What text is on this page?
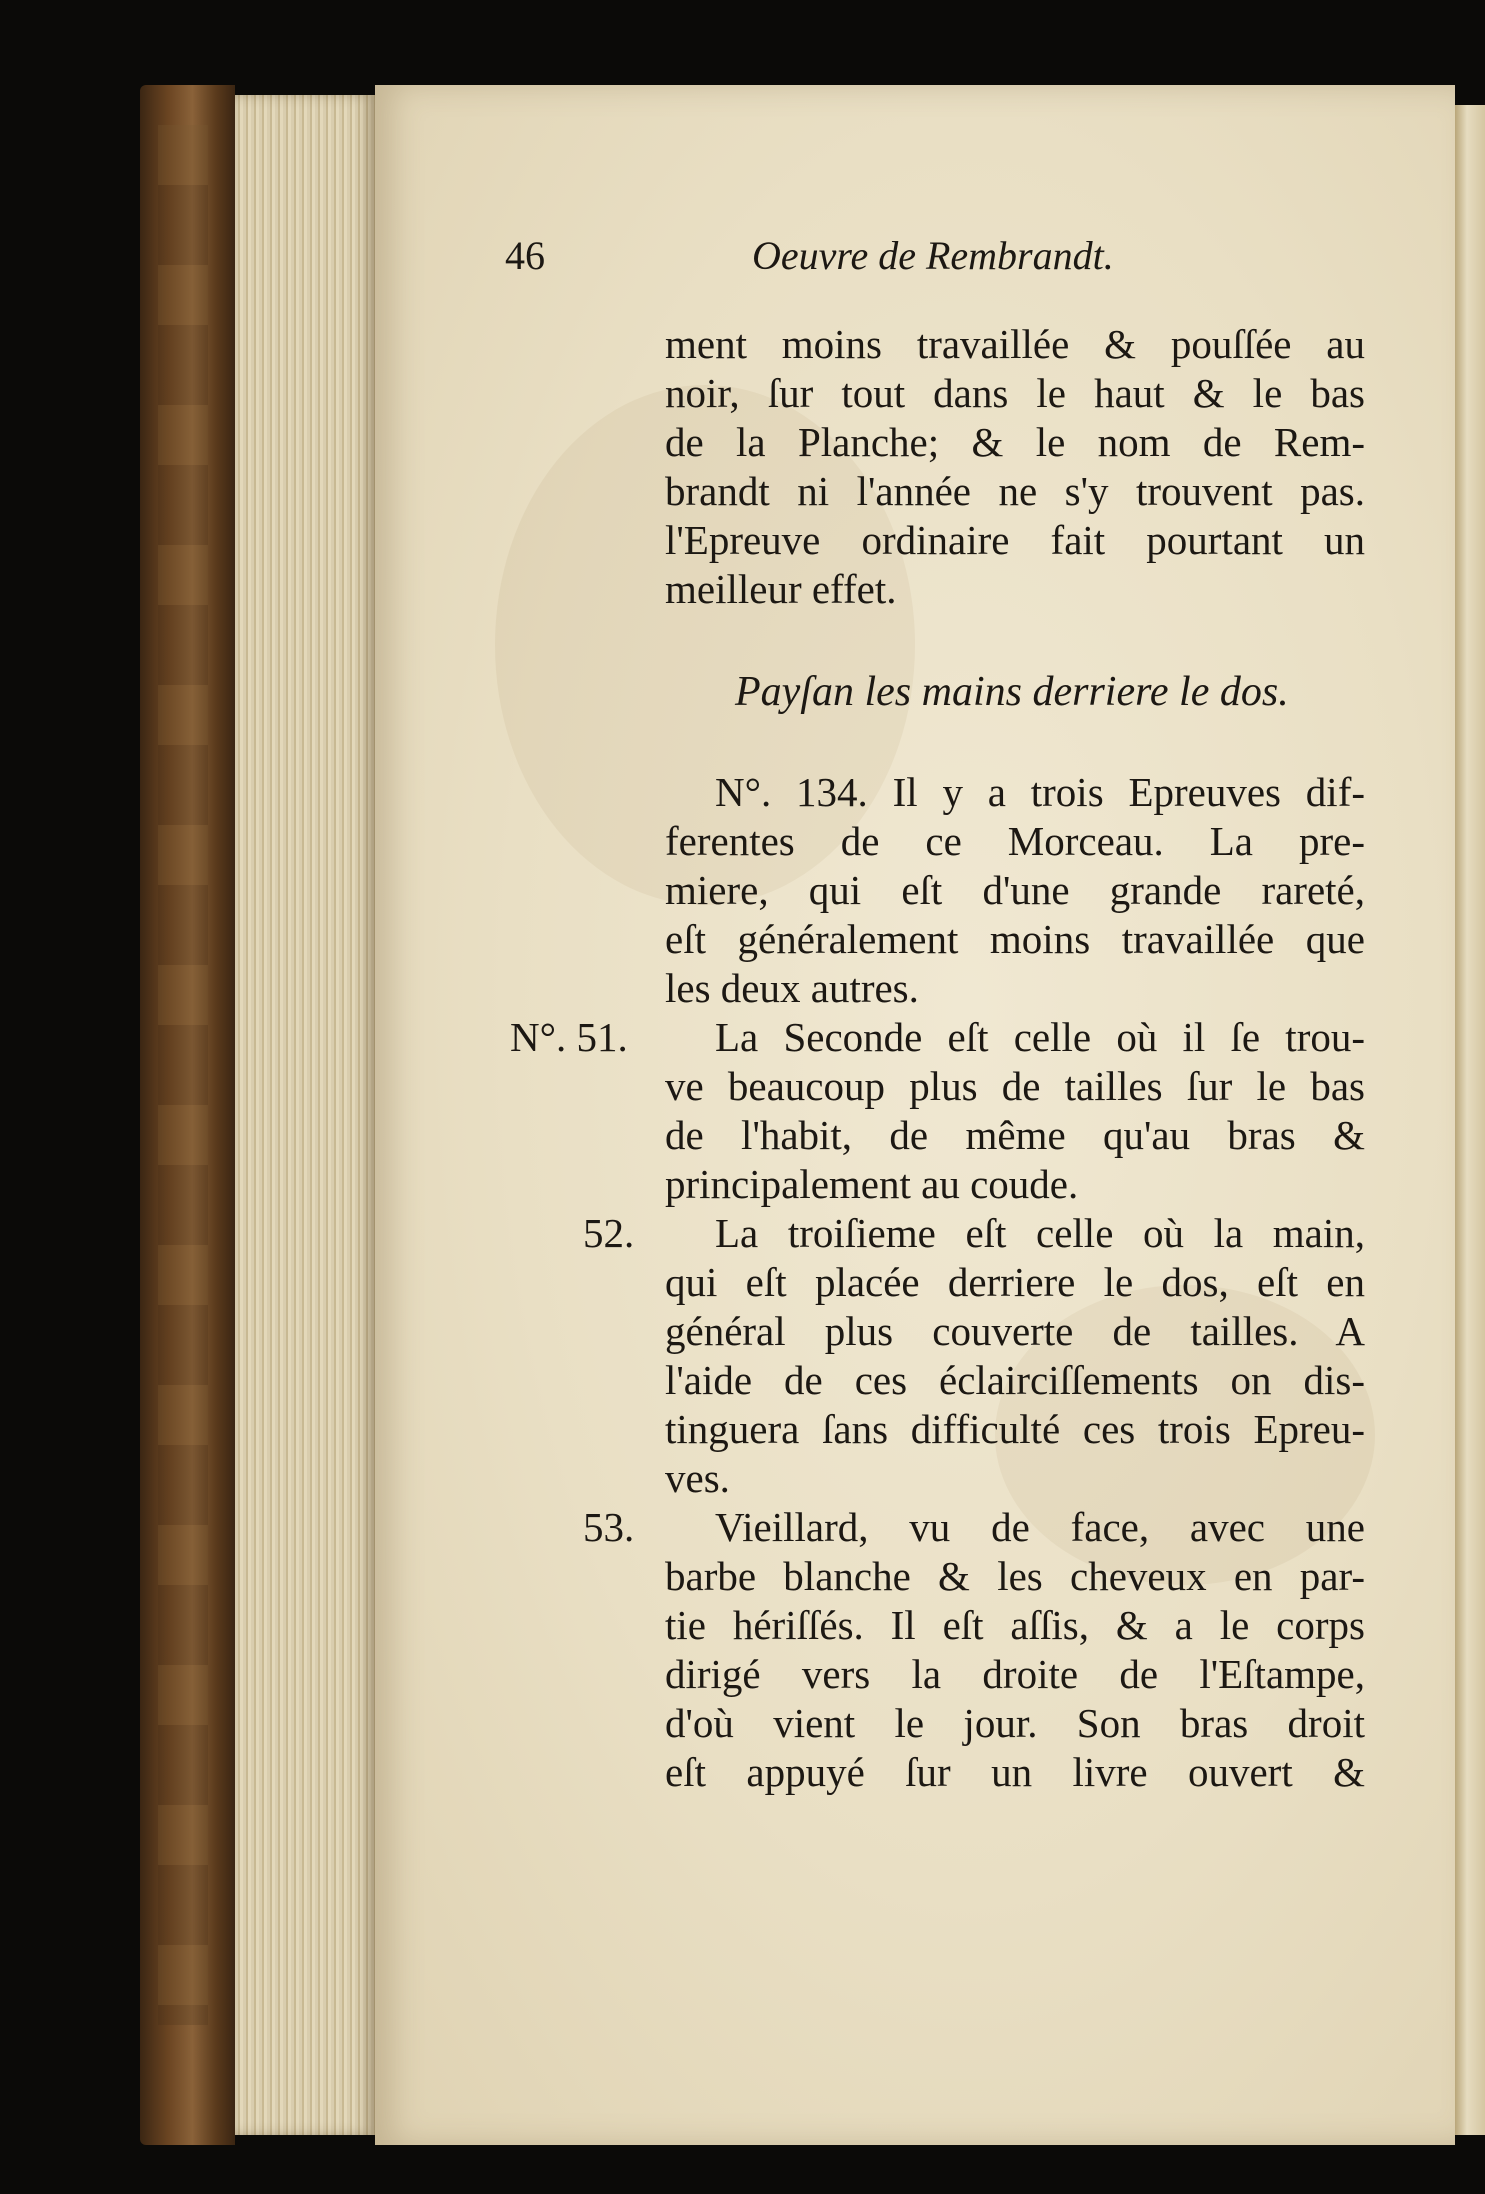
46	Oeuvre de Rembrandt.
ment moins travaillée & pouſſée au
noir, ſur tout dans le haut & le bas
de la Planche; & le nom de Rem-
brandt ni l'année ne s'y trouvent pas.
l'Epreuve ordinaire fait pourtant un
meilleur effet.
Payſan les mains derriere le dos.
N°. 134. Il y a trois Epreuves dif-
ferentes de ce Morceau. La pre-
miere, qui eſt d'une grande rareté,
eſt généralement moins travaillée que
les deux autres.
N°. 51.	La Seconde eſt celle où il ſe trou-
ve beaucoup plus de tailles ſur le bas
de l'habit, de même qu'au bras &
principalement au coude.
52.	La troiſieme eſt celle où la main,
qui eſt placée derriere le dos, eſt en
général plus couverte de tailles. A
l'aide de ces éclairciſſements on dis-
tinguera ſans difficulté ces trois Epreu-
ves.
53.	Vieillard, vu de face, avec une
barbe blanche & les cheveux en par-
tie hériſſés. Il eſt aſſis, & a le corps
dirigé vers la droite de l'Eſtampe,
d'où vient le jour. Son bras droit
eſt appuyé ſur un livre ouvert &
